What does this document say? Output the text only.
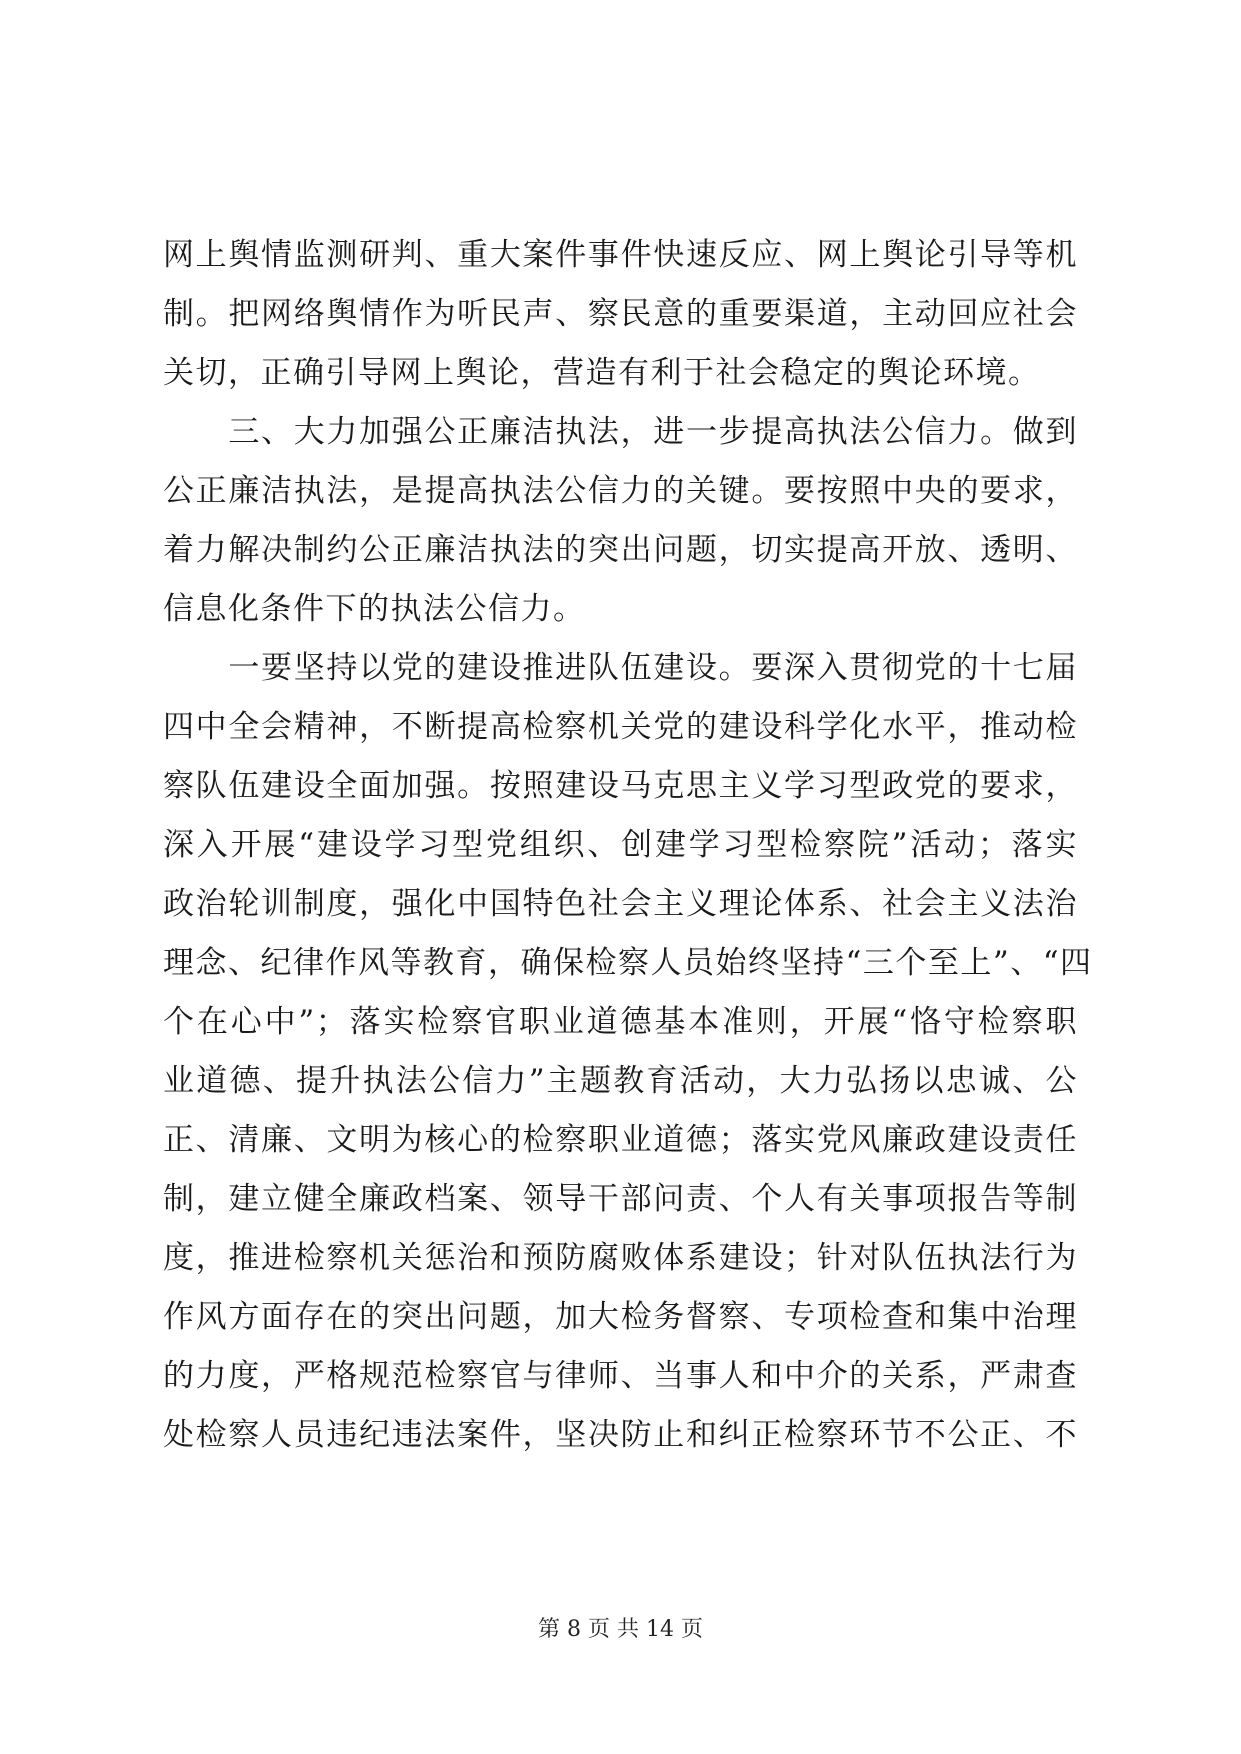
网上舆情监测研判、重大案件事件快速反应、网上舆论引导等机
制。把网络舆情作为听民声、察民意的重要渠道，主动回应社会
关切，正确引导网上舆论，营造有利于社会稳定的舆论环境。
　　三、大力加强公正廉洁执法，进一步提高执法公信力。做到
公正廉洁执法，是提高执法公信力的关键。要按照中央的要求，
着力解决制约公正廉洁执法的突出问题，切实提高开放、透明、
信息化条件下的执法公信力。
　　一要坚持以党的建设推进队伍建设。要深入贯彻党的十七届
四中全会精神，不断提高检察机关党的建设科学化水平，推动检
察队伍建设全面加强。按照建设马克思主义学习型政党的要求，
深入开展“建设学习型党组织、创建学习型检察院”活动；落实
政治轮训制度，强化中国特色社会主义理论体系、社会主义法治
理念、纪律作风等教育，确保检察人员始终坚持“三个至上”、“四
个在心中”；落实检察官职业道德基本准则，开展“恪守检察职
业道德、提升执法公信力”主题教育活动，大力弘扬以忠诚、公
正、清廉、文明为核心的检察职业道德；落实党风廉政建设责任
制，建立健全廉政档案、领导干部问责、个人有关事项报告等制
度，推进检察机关惩治和预防腐败体系建设；针对队伍执法行为
作风方面存在的突出问题，加大检务督察、专项检查和集中治理
的力度，严格规范检察官与律师、当事人和中介的关系，严肃查
处检察人员违纪违法案件，坚决防止和纠正检察环节不公正、不
第 8 页 共 14 页
